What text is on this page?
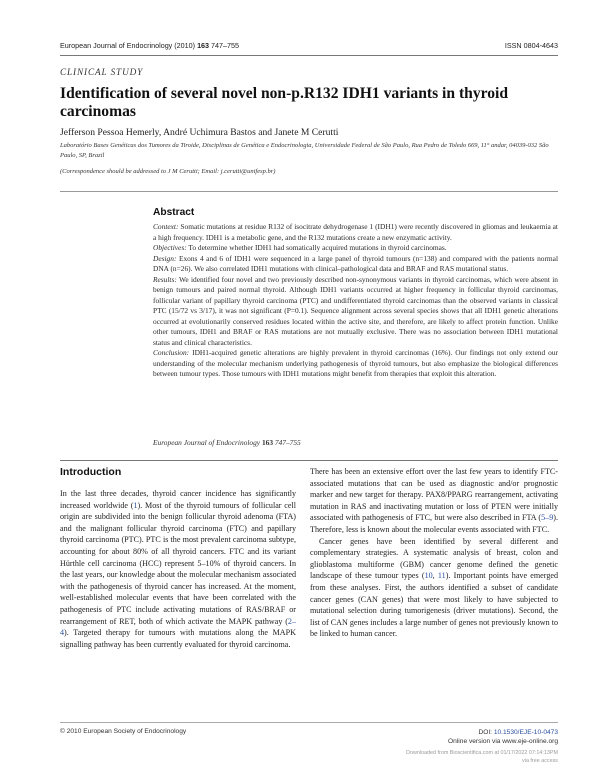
European Journal of Endocrinology (2010) 163 747–755	ISSN 0804-4643
CLINICAL STUDY
Identification of several novel non-p.R132 IDH1 variants in thyroid carcinomas
Jefferson Pessoa Hemerly, André Uchimura Bastos and Janete M Cerutti
Laboratório Bases Genéticas dos Tumores da Tiroide, Disciplinas de Genética e Endocrinologia, Universidade Federal de São Paulo, Rua Pedro de Toledo 669, 11° andar, 04039-032 São Paulo, SP, Brazil
(Correspondence should be addressed to J M Cerutti; Email: j.cerutti@unifesp.br)
Abstract

Context: Somatic mutations at residue R132 of isocitrate dehydrogenase 1 (IDH1) were recently discovered in gliomas and leukaemia at a high frequency. IDH1 is a metabolic gene, and the R132 mutations create a new enzymatic activity.

Objectives: To determine whether IDH1 had somatically acquired mutations in thyroid carcinomas.

Design: Exons 4 and 6 of IDH1 were sequenced in a large panel of thyroid tumours (n=138) and compared with the patients normal DNA (n=26). We also correlated IDH1 mutations with clinical–pathological data and BRAF and RAS mutational status.

Results: We identified four novel and two previously described non-synonymous variants in thyroid carcinomas, which were absent in benign tumours and paired normal thyroid. Although IDH1 variants occurred at higher frequency in follicular thyroid carcinomas, follicular variant of papillary thyroid carcinoma (PTC) and undifferentiated thyroid carcinomas than the observed variants in classical PTC (15/72 vs 3/17), it was not significant (P=0.1). Sequence alignment across several species shows that all IDH1 genetic alterations occurred at evolutionarily conserved residues located within the active site, and therefore, are likely to affect protein function. Unlike other tumours, IDH1 and BRAF or RAS mutations are not mutually exclusive. There was no association between IDH1 mutational status and clinical characteristics.

Conclusion: IDH1-acquired genetic alterations are highly prevalent in thyroid carcinomas (16%). Our findings not only extend our understanding of the molecular mechanism underlying pathogenesis of thyroid tumours, but also emphasize the biological differences between tumour types. Those tumours with IDH1 mutations might benefit from therapies that exploit this alteration.

European Journal of Endocrinology 163 747–755
Introduction

In the last three decades, thyroid cancer incidence has significantly increased worldwide (1). Most of the thyroid tumours of follicular cell origin are subdivided into the benign follicular thyroid adenoma (FTA) and the malignant follicular thyroid carcinoma (FTC) and papillary thyroid carcinoma (PTC). PTC is the most prevalent carcinoma subtype, accounting for about 80% of all thyroid cancers. FTC and its variant Hürthle cell carcinoma (HCC) represent 5–10% of thyroid cancers. In the last years, our knowledge about the molecular mechanism associated with the pathogenesis of thyroid cancer has increased. At the moment, well-established molecular events that have been correlated with the pathogenesis of PTC include activating mutations of RAS/BRAF or rearrangement of RET, both of which activate the MAPK pathway (2–4). Targeted therapy for tumours with mutations along the MAPK signalling pathway has been currently evaluated for thyroid carcinoma.

There has been an extensive effort over the last few years to identify FTC-associated mutations that can be used as diagnostic and/or prognostic marker and new target for therapy. PAX8/PPARG rearrangement, activating mutation in RAS and inactivating mutation or loss of PTEN were initially associated with pathogenesis of FTC, but were also described in FTA (5–9). Therefore, less is known about the molecular events associated with FTC.

Cancer genes have been identified by several different and complementary strategies. A systematic analysis of breast, colon and glioblastoma multiforme (GBM) cancer genome defined the genetic landscape of these tumour types (10, 11). Important points have emerged from these analyses. First, the authors identified a subset of candidate cancer genes (CAN genes) that were most likely to have subjected to mutational selection during tumorigenesis (driver mutations). Second, the list of CAN genes includes a large number of genes not previously known to be linked to human cancer.

© 2010 European Society of Endocrinology	DOI: 10.1530/EJE-10-0473
Online version via www.eje-online.org
Downloaded from Bioscientifica.com at 01/17/2022 07:14:13PM
via free access
